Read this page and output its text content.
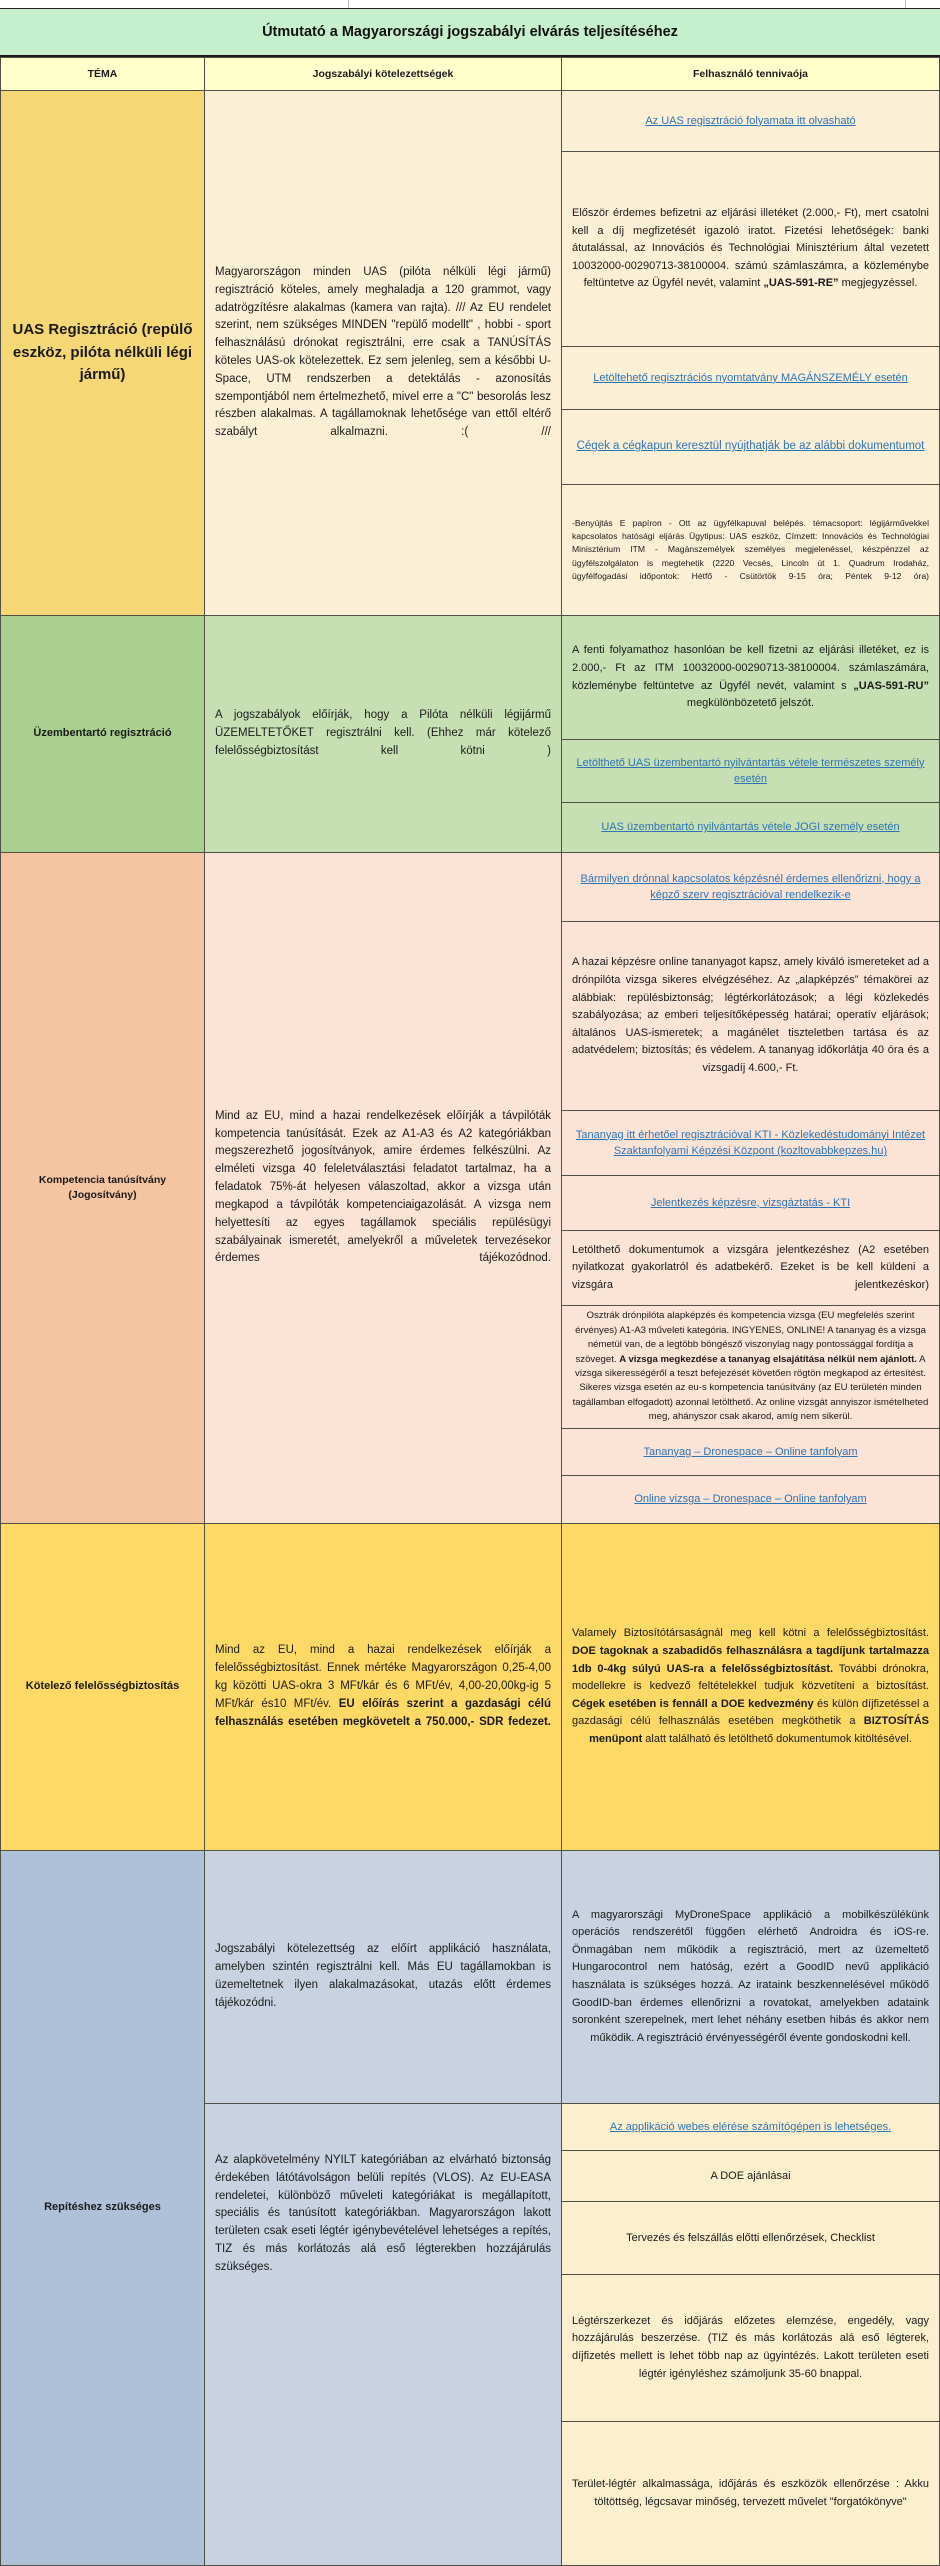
Útmutató a Magyarországi jogszabályi elvárás teljesítéséhez
TÉMA	Jogszabályi kötelezettségek	Felhasználó tennivaója
UAS Regisztráció (repülő eszköz, pilóta nélküli légi jármű)
Magyarországon minden UAS (pilóta nélküli légi jármű) regisztráció köteles, amely meghaladja a 120 grammot, vagy adatrögzítésre alakalmas (kamera van rajta). /// Az EU rendelet szerint, nem szükséges MINDEN "repülő modellt" , hobbi - sport felhasználású drónokat regisztrálni, erre csak a TANÚSÍTÁS köteles UAS-ok kötelezettek. Ez sem jelenleg, sem a későbbi U-Space, UTM rendszerben a detektálás - azonosítás szempontjából nem értelmezhető, mivel erre a "C" besorolás lesz részben alakalmas. A tagállamoknak lehetősége van ettől eltérő szabályt alkalmazni. :( ///
Az UAS regisztráció folyamata itt olvasható
Először érdemes befizetni az eljárási illetéket (2.000,- Ft), mert csatolni kell a díj megfizetését igazoló iratot. Fizetési lehetőségek: banki átutalással, az Innovációs és Technológiai Minisztérium által vezetett 10032000-00290713-38100004. számú számlaszámra, a közleménybe feltüntetve az Ügyfél nevét, valamint „UAS-591-RE” megjegyzéssel.
Letöltehető regisztrációs nyomtatvány MAGÁNSZEMÉLY esetén
Cégek a cégkapun keresztül nyújthatják be az alábbi dokumentumot
-Benyújtás E papíron - Ott az ügyfélkapuval belépés. témacsoport: légijárművekkel kapcsolatos hatósági eljárás Ügytipus: UAS eszköz, Címzett: Innovációs és Technológiai Minisztérium ITM - Magánszemélyek személyes megjelenéssel, készpénzzel az ügyfélszolgálaton is megtehetik (2220 Vecsés, Lincoln út 1. Quadrum Irodaház, ügyfélfogadási időpontok: Hétfő - Csütörtök 9-15 óra; Péntek 9-12 óra)
Üzembentartó regisztráció
A jogszabályok előírják, hogy a Pilóta nélküli légijármű ÜZEMELTETŐKET regisztrálni kell. (Ehhez már kötelező felelősségbiztosítást kell kötni )
A fenti folyamathoz hasonlóan be kell fizetni az eljárási illetéket, ez is 2.000,- Ft az ITM 10032000-00290713-38100004. számlaszámára, közleménybe feltüntetve az Ügyfél nevét, valamint s „UAS-591-RU” megkülönbözetető jelszót.
Letölthető UAS üzembentartó nyilvántartás vétele természetes személy esetén
UAS üzembentartó nyilvántartás vétele JOGI személy esetén
Kompetencia tanúsítvány (Jogosítvány)
Mind az EU, mind a hazai rendelkezések előírják a távpilóták kompetencia tanúsítását. Ezek az A1-A3 és A2 kategóriákban megszerezhető jogosítványok, amire érdemes felkészülni. Az elméleti vizsga 40 feleletválasztási feladatot tartalmaz, ha a feladatok 75%-át helyesen válaszoltad, akkor a vizsga után megkapod a távpilóták kompetenciaigazolását. A vizsga nem helyettesíti az egyes tagállamok speciális repülésügyi szabályainak ismeretét, amelyekről a műveletek tervezésekor érdemes tájékozódnod.
Bármilyen drónnal kapcsolatos képzésnél érdemes ellenőrizni, hogy a képző szerv regisztrációval rendelkezik-e
A hazai képzésre online tananyagot kapsz, amely kiváló ismereteket ad a drónpilóta vizsga sikeres elvégzéséhez. Az „alapképzés” témakörei az alábbiak: repülésbiztonság; légtérkorlátozások; a légi közlekedés szabályozása; az emberi teljesítőképesség határai; operatív eljárások; általános UAS-ismeretek; a magánélet tiszteletben tartása és az adatvédelem; biztosítás; és védelem. A tananyag időkorlátja 40 óra és a vizsgadíj 4.600,- Ft.
Tananyag itt érhetőel regisztrációval KTI - Közlekedéstudományi Intézet Szaktanfolyami Képzési Központ (kozltovabbkepzes.hu)
Jelentkezés képzésre, vizsgáztatás - KTI
Letölthető dokumentumok a vizsgára jelentkezéshez (A2 esetében nyilatkozat gyakorlatról és adatbekérő. Ezeket is be kell küldeni a vizsgára jelentkezéskor)
Osztrák drónpilóta alapképzés és kompetencia vizsga (EU megfelelés szerint érvényes) A1-A3 műveleti kategória. INGYENES, ONLINE! A tananyag és a vizsga németül van, de a legtöbb böngésző viszonylag nagy pontossággal fordítja a szöveget. A vizsga megkezdése a tananyag elsajátítása nélkül nem ajánlott. A vizsga sikerességéről a teszt befejezését követően rögtön megkapod az értesítést. Sikeres vizsga esetén az eu-s kompetencia tanúsítvány (az EU területén minden tagállamban elfogadott) azonnal letölthető. Az online vizsgát annyiszor ismételheted meg, ahányszor csak akarod, amíg nem sikerül.
Tananyag – Dronespace – Online tanfolyam
Online vizsga – Dronespace – Online tanfolyam
Kötelező felelősségbiztosítás
Mind az EU, mind a hazai rendelkezések előírják a felelősségbiztosítást. Ennek mértéke Magyarországon 0,25-4,00 kg közötti UAS-okra 3 MFt/kár és 6 MFt/év, 4,00-20,00kg-ig 5 MFt/kár és10 MFt/év. EU előírás szerint a gazdasági célú felhasználás esetében megkövetelt a 750.000,- SDR fedezet.
Valamely Biztosítótársaságnál meg kell kötni a felelősségbiztosítást. DOE tagoknak a szabadidős felhasználásra a tagdíjunk tartalmazza 1db 0-4kg súlyú UAS-ra a felelősségbiztosítást. További drónokra, modellekre is kedvező feltételekkel tudjuk közvetíteni a biztosítást. Cégek esetében is fennáll a DOE kedvezmény és külön díjfizetéssel a gazdasági célú felhasználás esetében megköthetik a BIZTOSÍTÁS menüpont alatt található és letölthető dokumentumok kitöltésével.
Repítéshez szükséges
Jogszabályi kötelezettség az előírt applikáció használata, amelyben szintén regisztrálni kell. Más EU tagállamokban is üzemeltetnek ilyen alakalmazásokat, utazás előtt érdemes tájékozódni.
Az alapkövetelmény NYILT kategóriában az elvárható biztonság érdekében látótávolságon belüli repítés (VLOS). Az EU-EASA rendeletei, különböző műveleti kategóriákat is megállapított, speciális és tanúsított kategóriákban. Magyarországon lakott területen csak eseti légtér igénybevételével lehetséges a repítés, TIZ és más korlátozás alá eső légterekben hozzájárulás szükséges.
A magyarországi MyDroneSpace applikáció a mobilkészülékünk operációs rendszerétől függően elérhető Androidra és iOS-re. Önmagában nem működik a regisztráció, mert az üzemeltető Hungarocontrol nem hatóság, ezért a GoodID nevű applikáció használata is szükséges hozzá. Az irataink beszkennelésével működő GoodID-ban érdemes ellenőrizni a rovatokat, amelyekben adataink soronként szerepelnek, mert lehet néhány esetben hibás és akkor nem működik. A regisztráció érvényességéről évente gondoskodni kell.
Az applikáció webes elérése számítógépen is lehetséges.
A DOE ajánlásai
Tervezés és felszállás előtti ellenőrzések, Checklist
Légtérszerkezet és időjárás előzetes elemzése, engedély, vagy hozzájárulás beszerzése. (TIZ és más korlátozás alá eső légterek, díjfizetés mellett is lehet több nap az ügyintézés. Lakott területen eseti légtér igényléshez számoljunk 35-60 bnappal.
Terület-légtér alkalmassága, időjárás és eszközök ellenőrzése : Akku töltöttség, légcsavar minőség, tervezett művelet "forgatókönyve"
